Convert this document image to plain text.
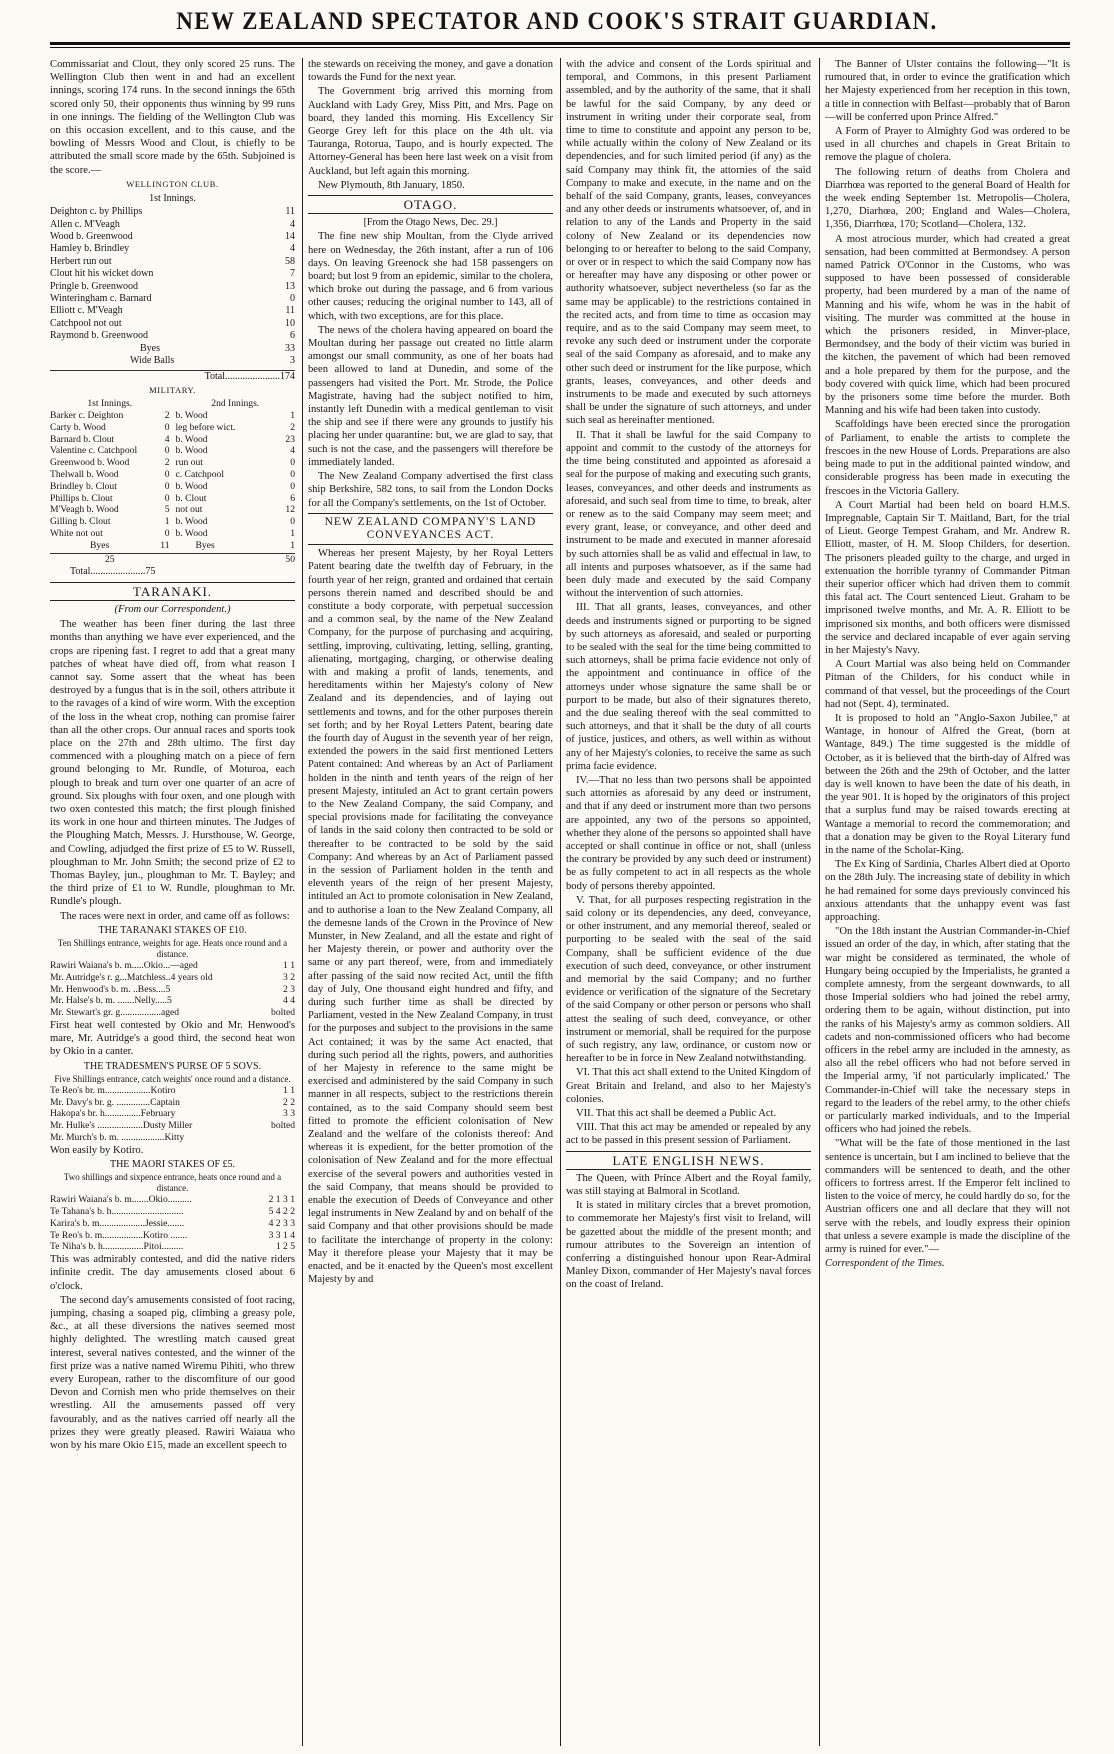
NEW ZEALAND SPECTATOR AND COOK'S STRAIT GUARDIAN.

Commissariat and Clout, they only scored 25 runs. The Wellington Club then went in and had an excellent innings, scoring 174 runs. In the second innings the 65th scored only 50, their opponents thus winning by 99 runs in one innings. The fielding of the Wellington Club was on this occasion excellent, and to this cause, and the bowling of Messrs Wood and Clout, is chiefly to be attributed the small score made by the 65th. Subjoined is the score.—

WELLINGTON CLUB.
1st Innings.
Deighton c. by Phillips	11
Allen c. M'Veagh	4
Wood b. Greenwood	14
Hamley b. Brindley	4
Herbert run out	58
Clout hit his wicket down	7
Pringle b. Greenwood	13
Winteringham c. Barnard	0
Elliott c. M'Veagh	11
Catchpool not out	10
Raymond b. Greenwood	6
Byes	33
Wide Balls	3
Total......................174
MILITARY.
1st Innings.	2nd Innings.
Barker c. Deighton	2 b. Wood	1
Carty b. Wood	0 leg before wict.	2
Barnard b. Clout	4 b. Wood	23
Valentine c. Catchpool	0 b. Wood	4
Greenwood b. Wood	2 run out	0
Thelwall b. Wood	0 c. Catchpool	0
Brindley b. Clout	0 b. Wood	0
Phillips b. Clout	0 b. Clout	6
M'Veagh b. Wood	5 not out	12
Gilling b. Clout	1 b. Wood	0
White not out	0 b. Wood	1
Byes	11	Byes	1
25	50
Total......................75
TARANAKI.
(From our Correspondent.)

The weather has been finer during the last three months than anything we have ever experienced, and the crops are ripening fast. I regret to add that a great many patches of wheat have died off, from what reason I cannot say. Some assert that the wheat has been destroyed by a fungus that is in the soil, others attribute it to the ravages of a kind of wire worm. With the exception of the loss in the wheat crop, nothing can promise fairer than all the other crops. Our annual races and sports took place on the 27th and 28th ultimo. The first day commenced with a ploughing match on a piece of fern ground belonging to Mr. Rundle, of Moturoa, each plough to break and turn over one quarter of an acre of ground. Six ploughs with four oxen, and one plough with two oxen contested this match; the first plough finished its work in one hour and thirteen minutes. The Judges of the Ploughing Match, Messrs. J. Hursthouse, W. George, and Cowling, adjudged the first prize of £5 to W. Russell, ploughman to Mr. John Smith; the second prize of £2 to Thomas Bayley, jun., ploughman to Mr. T. Bayley; and the third prize of £1 to W. Rundle, ploughman to Mr. Rundle's plough.

The races were next in order, and came off as follows:

THE TARANAKI STAKES OF £10.
Ten Shillings entrance, weights for age. Heats once round and a distance.
Rawiri Waiana's b. m.....Okio...—aged	1 1
Mr. Autridge's r. g...Matchless..4 years old	3 2
Mr. Henwood's b. m. ..Bess....5	2 3
Mr. Halse's b. m. .......Nelly.....5	4 4
Mr. Stewart's gr. g.................aged	bolted

First heat well contested by Okio and Mr. Henwood's mare, Mr. Autridge's a good third, the second heat won by Okio in a canter.

THE TRADESMEN'S PURSE OF 5 SOVS.
Five Shillings entrance, catch weights' once round and a distance.
Te Reo's br. m...................Kotiro	1 1
Mr. Davy's br. g. ..............Captain	2 2
Hakopa's br. h...............February	3 3
Mr. Hulke's ...................Dusty Miller	bolted
Mr. Murch's b. m. ..................Kitty

Won easily by Kotiro.

THE MAORI STAKES OF £5.
Two shillings and sixpence entrance, heats once round and a distance.
Rawiri Waiana's b. m.......Okio..........	2 1 3 1
Te Tahana's b. h..............................	5 4 2 2
Karira's b. m...................Jessie.......	4 2 3 3
Te Reo's b. m.................Kotiro .......	3 3 1 4
Te Niha's b. h.................Pitoi.........	1 2 5

This was admirably contested, and did the native riders infinite credit. The day amusements closed about 6 o'clock.

The second day's amusements consisted of foot racing, jumping, chasing a soaped pig, climbing a greasy pole, &c., at all these diversions the natives seemed most highly delighted. The wrestling match caused great interest, several natives contested, and the winner of the first prize was a native named Wiremu Pihiti, who threw every European, rather to the discomfiture of our good Devon and Cornish men who pride themselves on their wrestling. All the amusements passed off very favourably, and as the natives carried off nearly all the prizes they were greatly pleased. Rawiri Waiaua who won by his mare Okio £15, made an excellent speech to

the stewards on receiving the money, and gave a donation towards the Fund for the next year.

The Government brig arrived this morning from Auckland with Lady Grey, Miss Pitt, and Mrs. Page on board, they landed this morning. His Excellency Sir George Grey left for this place on the 4th ult. via Tauranga, Rotorua, Taupo, and is hourly expected. The Attorney-General has been here last week on a visit from Auckland, but left again this morning.

New Plymouth, 8th January, 1850.

OTAGO.
[From the Otago News, Dec. 29.]

The fine new ship Moultan, from the Clyde arrived here on Wednesday, the 26th instant, after a run of 106 days. On leaving Greenock she had 158 passengers on board; but lost 9 from an epidemic, similar to the cholera, which broke out during the passage, and 6 from various other causes; reducing the original number to 143, all of which, with two exceptions, are for this place.

The news of the cholera having appeared on board the Moultan during her passage out created no little alarm amongst our small community, as one of her boats had been allowed to land at Dunedin, and some of the passengers had visited the Port. Mr. Strode, the Police Magistrate, having had the subject notified to him, instantly left Dunedin with a medical gentleman to visit the ship and see if there were any grounds to justify his placing her under quarantine: but, we are glad to say, that such is not the case, and the passengers will therefore be immediately landed.

The New Zealand Company advertised the first class ship Berkshire, 582 tons, to sail from the London Docks for all the Company's settlements, on the 1st of October.

NEW ZEALAND COMPANY'S LAND CONVEYANCES ACT.

Whereas her present Majesty, by her Royal Letters Patent bearing date the twelfth day of February, in the fourth year of her reign, granted and ordained that certain persons therein named and described should be and constitute a body corporate, with perpetual succession and a common seal, by the name of the New Zealand Company, for the purpose of purchasing and acquiring, settling, improving, cultivating, letting, selling, granting, alienating, mortgaging, charging, or otherwise dealing with and making a profit of lands, tenements, and hereditaments within her Majesty's colony of New Zealand and its dependencies, and of laying out settlements and towns, and for the other purposes therein set forth; and by her Royal Letters Patent, bearing date the fourth day of August in the seventh year of her reign, extended the powers in the said first mentioned Letters Patent contained: And whereas by an Act of Parliament holden in the ninth and tenth years of the reign of her present Majesty, intituled an Act to grant certain powers to the New Zealand Company, the said Company, and special provisions made for facilitating the conveyance of lands in the said colony then contracted to be sold or thereafter to be contracted to be sold by the said Company: And whereas by an Act of Parliament passed in the session of Parliament holden in the tenth and eleventh years of the reign of her present Majesty, intituled an Act to promote colonisation in New Zealand, and to authorise a loan to the New Zealand Company, all the demesne lands of the Crown in the Province of New Munster, in New Zealand, and all the estate and right of her Majesty therein, or power and authority over the same or any part thereof, were, from and immediately after passing of the said now recited Act, until the fifth day of July, One thousand eight hundred and fifty, and during such further time as shall be directed by Parliament, vested in the New Zealand Company, in trust for the purposes and subject to the provisions in the same Act contained; it was by the same Act enacted, that during such period all the rights, powers, and authorities of her Majesty in reference to the same might be exercised and administered by the said Company in such manner in all respects, subject to the restrictions therein contained, as to the said Company should seem best fitted to promote the efficient colonisation of New Zealand and the welfare of the colonists thereof: And whereas it is expedient, for the better promotion of the colonisation of New Zealand and for the more effectual exercise of the several powers and authorities vested in the said Company, that means should be provided to enable the execution of Deeds of Conveyance and other legal instruments in New Zealand by and on behalf of the said Company and that other provisions should be made to facilitate the interchange of property in the colony: May it therefore please your Majesty that it may be enacted, and be it enacted by the Queen's most excellent Majesty by and

with the advice and consent of the Lords spiritual and temporal, and Commons, in this present Parliament assembled, and by the authority of the same, that it shall be lawful for the said Company, by any deed or instrument in writing under their corporate seal, from time to time to constitute and appoint any person to be, while actually within the colony of New Zealand or its dependencies, and for such limited period (if any) as the said Company may think fit, the attornies of the said Company to make and execute, in the name and on the behalf of the said Company, grants, leases, conveyances and any other deeds or instruments whatsoever, of, and in relation to any of the Lands and Property in the said colony of New Zealand or its dependencies now belonging to or hereafter to belong to the said Company, or over or in respect to which the said Company now has or hereafter may have any disposing or other power or authority whatsoever, subject nevertheless (so far as the same may be applicable) to the restrictions contained in the recited acts, and from time to time as occasion may require, and as to the said Company may seem meet, to revoke any such deed or instrument under the corporate seal of the said Company as aforesaid, and to make any other such deed or instrument for the like purpose, which grants, leases, conveyances, and other deeds and instruments to be made and executed by such attorneys shall be under the signature of such attorneys, and under such seal as hereinafter mentioned.

II. That it shall be lawful for the said Company to appoint and commit to the custody of the attorneys for the time being constituted and appointed as aforesaid a seal for the purpose of making and executing such grants, leases, conveyances, and other deeds and instruments as aforesaid, and such seal from time to time, to break, alter or renew as to the said Company may seem meet; and every grant, lease, or conveyance, and other deed and instrument to be made and executed in manner aforesaid by such attornies shall be as valid and effectual in law, to all intents and purposes whatsoever, as if the same had been duly made and executed by the said Company without the intervention of such attornies.

III. That all grants, leases, conveyances, and other deeds and instruments signed or purporting to be signed by such attorneys as aforesaid, and sealed or purporting to be sealed with the seal for the time being committed to such attorneys, shall be prima facie evidence not only of the appointment and continuance in office of the attorneys under whose signature the same shall be or purport to be made, but also of their signatures thereto, and the due sealing thereof with the seal committed to such attorneys, and that it shall be the duty of all courts of justice, justices, and others, as well within as without any of her Majesty's colonies, to receive the same as such prima facie evidence.

IV.—That no less than two persons shall be appointed such attornies as aforesaid by any deed or instrument, and that if any deed or instrument more than two persons are appointed, any two of the persons so appointed, whether they alone of the persons so appointed shall have accepted or shall continue in office or not, shall (unless the contrary be provided by any such deed or instrument) be as fully competent to act in all respects as the whole body of persons thereby appointed.

V. That, for all purposes respecting registration in the said colony or its dependencies, any deed, conveyance, or other instrument, and any memorial thereof, sealed or purporting to be sealed with the seal of the said Company, shall be sufficient evidence of the due execution of such deed, conveyance, or other instrument and memorial by the said Company; and no further evidence or verification of the signature of the Secretary of the said Company or other person or persons who shall attest the sealing of such deed, conveyance, or other instrument or memorial, shall be required for the purpose of such registry, any law, ordinance, or custom now or hereafter to be in force in New Zealand notwithstanding.

VI. That this act shall extend to the United Kingdom of Great Britain and Ireland, and also to her Majesty's colonies.

VII. That this act shall be deemed a Public Act.

VIII. That this act may be amended or repealed by any act to be passed in this present session of Parliament.

LATE ENGLISH NEWS.

The Queen, with Prince Albert and the Royal family, was still staying at Balmoral in Scotland.

It is stated in military circles that a brevet promotion, to commemorate her Majesty's first visit to Ireland, will be gazetted about the middle of the present month; and rumour attributes to the Sovereign an intention of conferring a distinguished honour upon Rear-Admiral Manley Dixon, commander of Her Majesty's naval forces on the coast of Ireland.

The Banner of Ulster contains the following—"It is rumoured that, in order to evince the gratification which her Majesty experienced from her reception in this town, a title in connection with Belfast—probably that of Baron—will be conferred upon Prince Alfred."

A Form of Prayer to Almighty God was ordered to be used in all churches and chapels in Great Britain to remove the plague of cholera.

The following return of deaths from Cholera and Diarrhœa was reported to the general Board of Health for the week ending September 1st. Metropolis—Cholera, 1,270, Diarhœa, 200; England and Wales—Cholera, 1,356, Diarrhœa, 170; Scotland—Cholera, 132.

A most atrocious murder, which had created a great sensation, had been committed at Bermondsey. A person named Patrick O'Connor in the Customs, who was supposed to have been possessed of considerable property, had been murdered by a man of the name of Manning and his wife, whom he was in the habit of visiting. The murder was committed at the house in which the prisoners resided, in Minver-place, Bermondsey, and the body of their victim was buried in the kitchen, the pavement of which had been removed and a hole prepared by them for the purpose, and the body covered with quick lime, which had been procured by the prisoners some time before the murder. Both Manning and his wife had been taken into custody.

Scaffoldings have been erected since the prorogation of Parliament, to enable the artists to complete the frescoes in the new House of Lords. Preparations are also being made to put in the additional painted window, and considerable progress has been made in executing the frescoes in the Victoria Gallery.

A Court Martial had been held on board H.M.S. Impregnable, Captain Sir T. Maitland, Bart, for the trial of Lieut. George Tempest Graham, and Mr. Andrew R. Elliott, master, of H. M. Sloop Childers, for desertion. The prisoners pleaded guilty to the charge, and urged in extenuation the horrible tyranny of Commander Pitman their superior officer which had driven them to commit this fatal act. The Court sentenced Lieut. Graham to be imprisoned twelve months, and Mr. A. R. Elliott to be imprisoned six months, and both officers were dismissed the service and declared incapable of ever again serving in her Majesty's Navy.

A Court Martial was also being held on Commander Pitman of the Childers, for his conduct while in command of that vessel, but the proceedings of the Court had not (Sept. 4), terminated.

It is proposed to hold an "Anglo-Saxon Jubilee," at Wantage, in honour of Alfred the Great, (born at Wantage, 849.) The time suggested is the middle of October, as it is believed that the birth-day of Alfred was between the 26th and the 29th of October, and the latter day is well known to have been the date of his death, in the year 901. It is hoped by the originators of this project that a surplus fund may be raised towards erecting at Wantage a memorial to record the commemoration; and that a donation may be given to the Royal Literary fund in the name of the Scholar-King.

The Ex King of Sardinia, Charles Albert died at Oporto on the 28th July. The increasing state of debility in which he had remained for some days previously convinced his anxious attendants that the unhappy event was fast approaching.

"On the 18th instant the Austrian Commander-in-Chief issued an order of the day, in which, after stating that the war might be considered as terminated, the whole of Hungary being occupied by the Imperialists, he granted a complete amnesty, from the sergeant downwards, to all those Imperial soldiers who had joined the rebel army, ordering them to be again, without distinction, put into the ranks of his Majesty's army as common soldiers. All cadets and non-commissioned officers who had become officers in the rebel army are included in the amnesty, as also all the rebel officers who had not before served in the Imperial army, 'if not particularly implicated.' The Commander-in-Chief will take the necessary steps in regard to the leaders of the rebel army, to the other chiefs or particularly marked individuals, and to the Imperial officers who had joined the rebels.

"What will be the fate of those mentioned in the last sentence is uncertain, but I am inclined to believe that the commanders will be sentenced to death, and the other officers to fortress arrest. If the Emperor felt inclined to listen to the voice of mercy, he could hardly do so, for the Austrian officers one and all declare that they will not serve with the rebels, and loudly express their opinion that unless a severe example is made the discipline of the army is ruined for ever."—

Correspondent of the Times.
